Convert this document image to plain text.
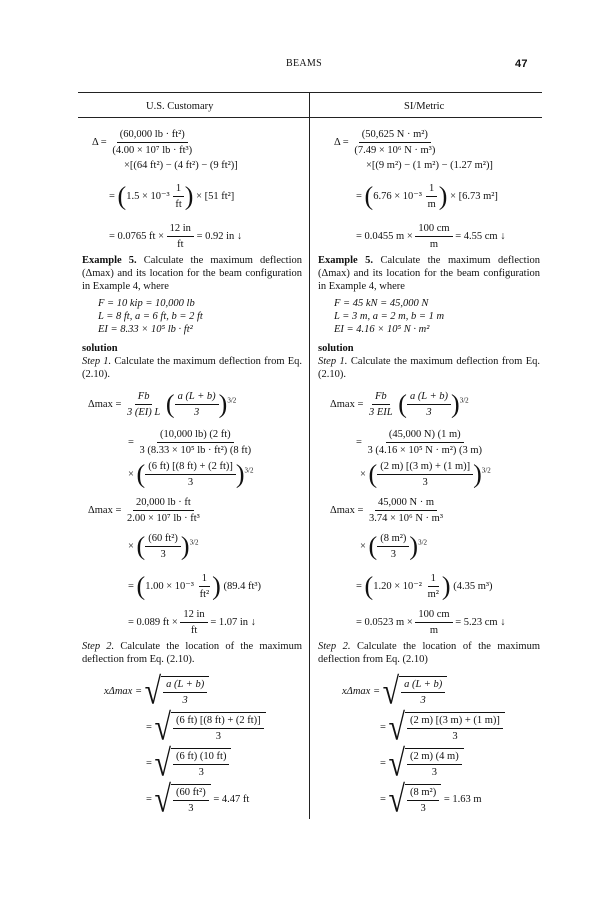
BEAMS	47
U.S. Customary	SI/Metric
$\Delta = \frac{\text{(60,000 lb · ft²)}}{\text{(4.00 × 10⁷ lb · ft³)}}$
×[(64 ft²) − (4 ft²) − (9 ft²)]
= ($1.5 \times 10^{-3} \frac{1}{ft}$ ) × [51 ft²]
= 0.0765 ft × $\frac{12 in}{ft} = 0.92$ in ↓
Example 5. Calculate the maximum deflection (Δmax) and its location for the beam configuration in Example 4, where
F = 10 kip = 10,000 lb
L = 8 ft, a = 6 ft, b = 2 ft
EI = 8.33 × 10⁵ lb · ft²
solution
Step 1. Calculate the maximum deflection from Eq. (2.10).
$\Delta\max = \frac{Fb}{3 (EI) L}$ ( $\frac{a (L + b)}{3} )^{3/2}$
= $\frac{(10,000 lb) (2 ft)}{\text{3 (8.33 × 10⁵ lb · ft²) (8 ft)}}$
× ( $\frac{(6 ft) [(8 ft) + (2 ft)]}{3} )^{3/2}$
$\Delta\max = \frac{20,000 lb \cdot ft}{\text{2.00 × 10⁷ lb · ft³}}$
× ( $\frac{\text{(60 ft²)}}{3} )^{3/2}$
= ($1.00 \times 10^{-3} \frac{1}{\text{ft²}}$ ) (89.4 ft³)
= 0.089 ft × $\frac{12 in}{ft} = 1.07$ in ↓
Step 2. Calculate the location of the maximum deflection from Eq. (2.10).
xΔmax = √ $\frac{a (L + b)}{3}$
= √ $\frac{(6 ft) [(8 ft) + (2 ft)]}{3}$
= √ $\frac{(6 ft) (10 ft)}{3}$
= √ $\frac{\text{(60 ft²)}}{3} = 4.47$ ft
$\Delta = \frac{\text{(50,625 N · m²)}}{\text{(7.49 × 10⁶ N · m³)}}$
×[(9 m²) − (1 m²) − (1.27 m²)]
= ($6.76 \times 10^{-3} \frac{1}{m}$ ) × [6.73 m²]
= 0.0455 $m \times \frac{100 cm}{m} = 4.55$ cm ↓
Example 5. Calculate the maximum deflection (Δmax) and its location for the beam configuration in Example 4, where
F = 45 kN = 45,000 N
L = 3 m, a = 2 m, b = 1 m
EI = 4.16 × 10⁵ N · m²
solution
Step 1. Calculate the maximum deflection from Eq. (2.10).
$\Delta\max = \frac{Fb}{\text{3 EIL}}$ ( $\frac{a (L + b)}{3} )^{3/2}$
= $\frac{(45,000 N) (1 m)}{\text{3 (4.16 × 10⁵ N · m²) (3 m)}}$
× ( $\frac{(2 m) [(3 m) + (1 m)]}{3} )^{3/2}$
$\Delta\max = \frac{45,000 N \cdot m}{\text{3.74 × 10⁶ N · m³}}$
× ( $\frac{\text{(8 m²)}}{3} )^{3/2}$
= ($1.20 \times 10^{-2} \frac{1}{\text{m²}}$ ) (4.35 m³)
= 0.0523 $m \times \frac{100 cm}{m} = 5.23$ cm ↓
Step 2. Calculate the location of the maximum deflection from Eq. (2.10)
xΔmax = √ $\frac{a (L + b)}{3}$
= √ $\frac{(2 m) [(3 m) + (1 m)]}{3}$
= √ $\frac{(2 m) (4 m)}{3}$
= √ $\frac{\text{(8 m²)}}{3} = 1.63$ m
